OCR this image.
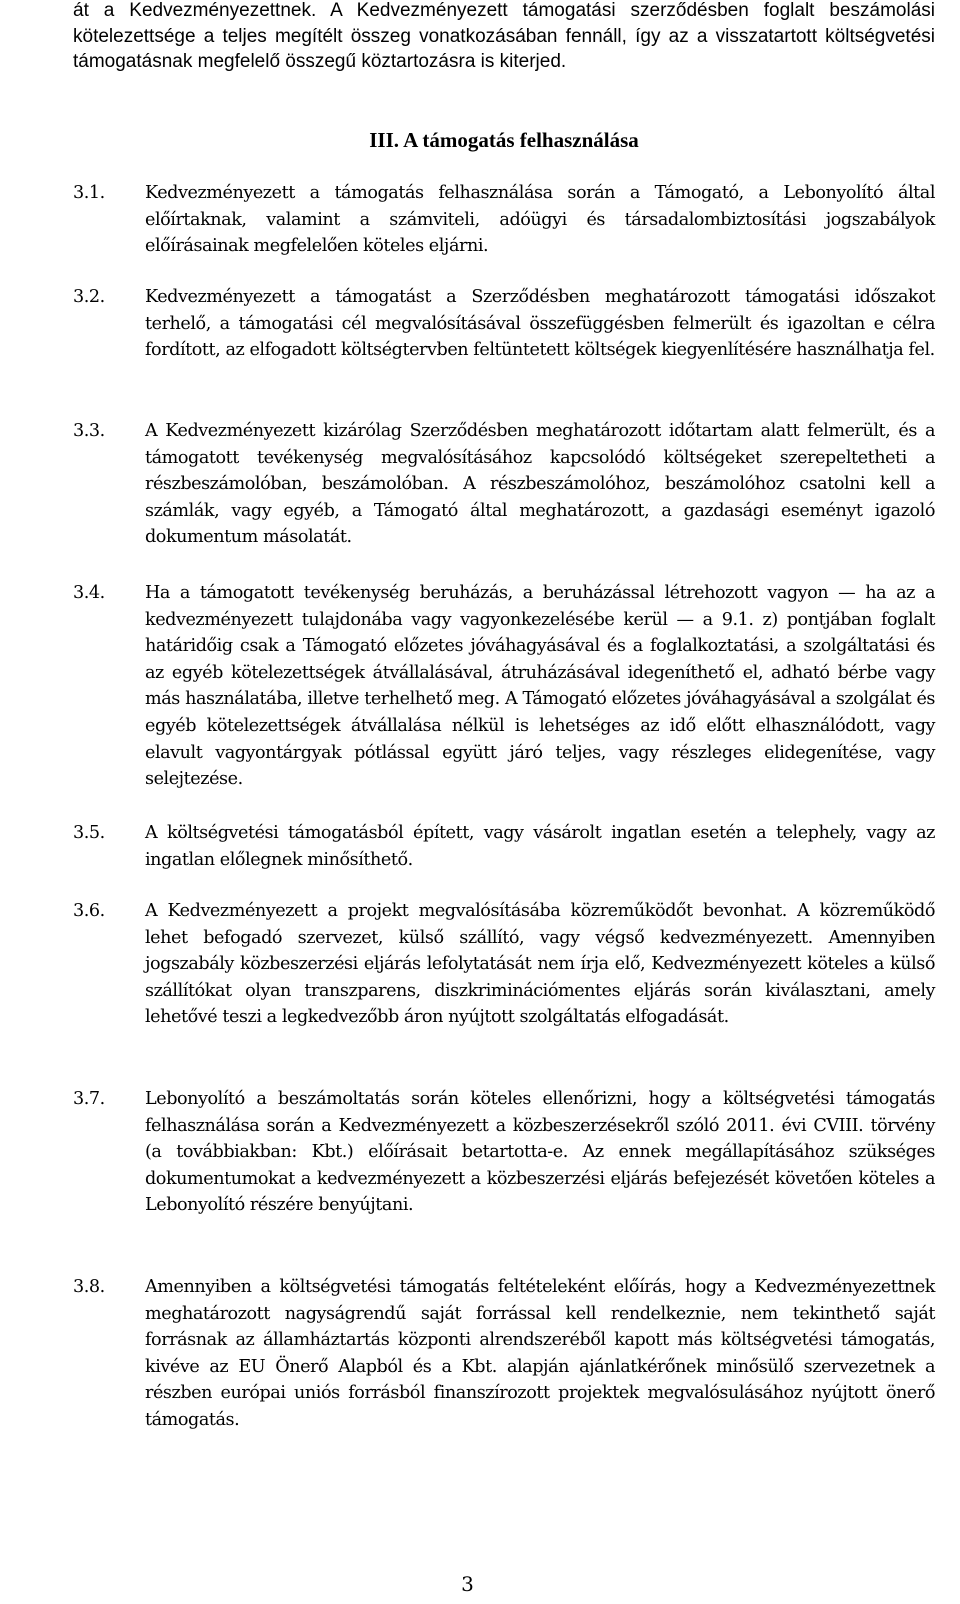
át a Kedvezményezettnek. A Kedvezményezett támogatási szerződésben foglalt beszámolási kötelezettsége a teljes megítélt összeg vonatkozásában fennáll, így az a visszatartott költségvetési támogatásnak megfelelő összegű köztartozásra is kiterjed.

III. A támogatás felhasználása
3.1.	Kedvezményezett a támogatás felhasználása során a Támogató, a Lebonyolító által előírtaknak, valamint a számviteli, adóügyi és társadalombiztosítási jogszabályok előírásainak megfelelően köteles eljárni.
3.2.	Kedvezményezett a támogatást a Szerződésben meghatározott támogatási időszakot terhelő, a támogatási cél megvalósításával összefüggésben felmerült és igazoltan e célra fordított, az elfogadott költségtervben feltüntetett költségek kiegyenlítésére használhatja fel.
3.3.	A Kedvezményezett kizárólag Szerződésben meghatározott időtartam alatt felmerült, és a támogatott tevékenység megvalósításához kapcsolódó költségeket szerepeltetheti a részbeszámolóban, beszámolóban. A részbeszámolóhoz, beszámolóhoz csatolni kell a számlák, vagy egyéb, a Támogató által meghatározott, a gazdasági eseményt igazoló dokumentum másolatát.
3.4.	Ha a támogatott tevékenység beruházás, a beruházással létrehozott vagyon — ha az a kedvezményezett tulajdonába vagy vagyonkezelésébe kerül — a 9.1. z) pontjában foglalt határidőig csak a Támogató előzetes jóváhagyásával és a foglalkoztatási, a szolgáltatási és az egyéb kötelezettségek átvállalásával, átruházásával idegeníthető el, adható bérbe vagy más használatába, illetve terhelhető meg. A Támogató előzetes jóváhagyásával a szolgálat és egyéb kötelezettségek átvállalása nélkül is lehetséges az idő előtt elhasználódott, vagy elavult vagyontárgyak pótlással együtt járó teljes, vagy részleges elidegenítése, vagy selejtezése.
3.5.	A költségvetési támogatásból épített, vagy vásárolt ingatlan esetén a telephely, vagy az ingatlan előlegnek minősíthető.
3.6.	A Kedvezményezett a projekt megvalósításába közreműködőt bevonhat. A közreműködő lehet befogadó szervezet, külső szállító, vagy végső kedvezményezett. Amennyiben jogszabály közbeszerzési eljárás lefolytatását nem írja elő, Kedvezményezett köteles a külső szállítókat olyan transzparens, diszkriminációmentes eljárás során kiválasztani, amely lehetővé teszi a legkedvezőbb áron nyújtott szolgáltatás elfogadását.
3.7.	Lebonyolító a beszámoltatás során köteles ellenőrizni, hogy a költségvetési támogatás felhasználása során a Kedvezményezett a közbeszerzésekről szóló 2011. évi CVIII. törvény (a továbbiakban: Kbt.) előírásait betartotta-e. Az ennek megállapításához szükséges dokumentumokat a kedvezményezett a közbeszerzési eljárás befejezését követően köteles a Lebonyolító részére benyújtani.
3.8.	Amennyiben a költségvetési támogatás feltételeként előírás, hogy a Kedvezményezettnek meghatározott nagyságrendű saját forrással kell rendelkeznie, nem tekinthető saját forrásnak az államháztartás központi alrendszeréből kapott más költségvetési támogatás, kivéve az EU Önerő Alapból és a Kbt. alapján ajánlatkérőnek minősülő szervezetnek a részben európai uniós forrásból finanszírozott projektek megvalósulásához nyújtott önerő támogatás.
3
